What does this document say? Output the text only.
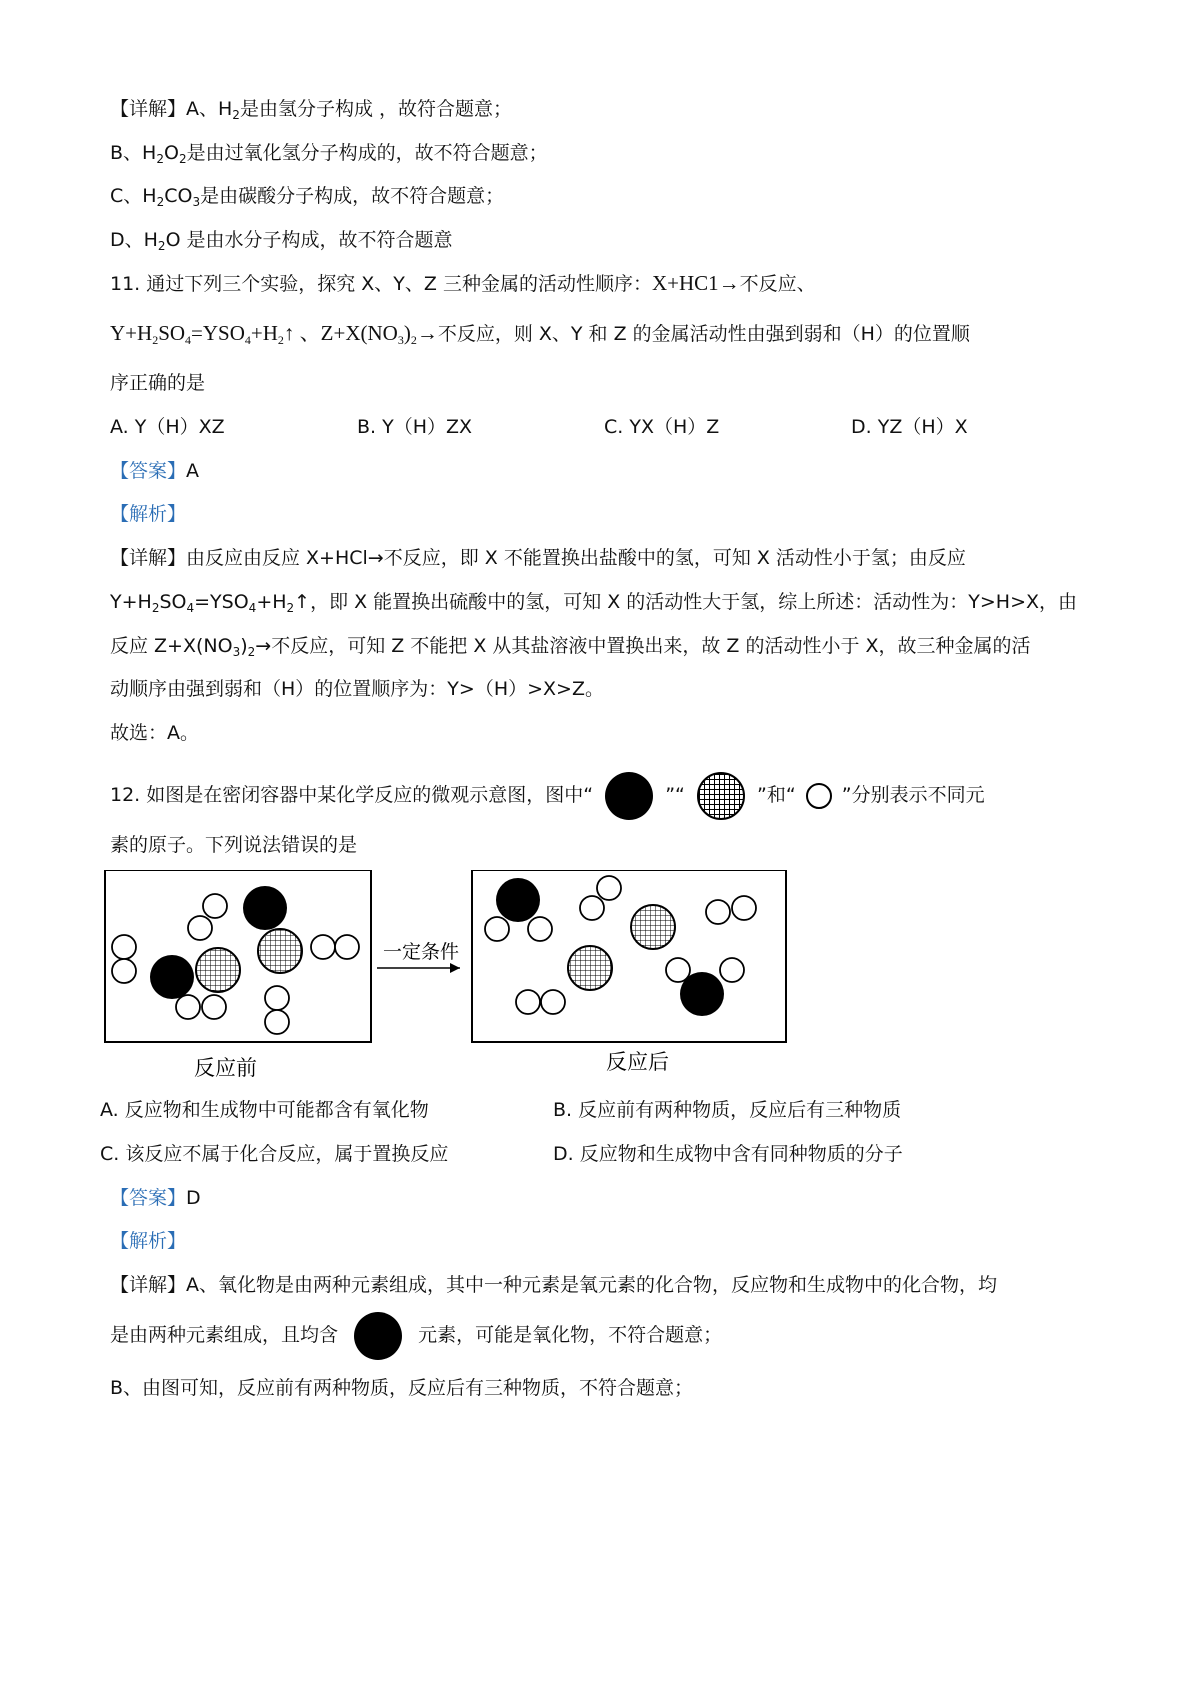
【详解】A、$H_2$是由氢分子构成 ，故符合题意；
B、$H_2O_2$是由过氧化氢分子构成的，故不符合题意；
C、$H_2CO_3$是由碳酸分子构成，故不符合题意；
D、$H_2O$ 是由水分子构成，故不符合题意
11. 通过下列三个实验，探究 X、Y、Z 三种金属的活动性顺序：X+HC1→不反应、
$Y+H_2SO_4=YSO_4+H_2↑$ 、$Z+X(NO_3)_2\to$不反应，则 X、Y 和 Z 的金属活动性由强到弱和（H）的位置顺
序正确的是
A. Y（H）XZ	B. Y（H）ZX	C. YX（H）Z	D. YZ（H）X
【答案】A
【解析】
【详解】由反应由反应 X+HCl→不反应，即 X 不能置换出盐酸中的氢，可知 X 活动性小于氢；由反应
$Y+H_2SO_4=YSO_4+H_2↑$，即 X 能置换出硫酸中的氢，可知 X 的活动性大于氢，综上所述：活动性为：Y>H>X，由
反应 $Z+X(NO_3)_2\to$不反应，可知 Z 不能把 X 从其盐溶液中置换出来，故 Z 的活动性小于 X，故三种金属的活
动顺序由强到弱和（H）的位置顺序为：Y>（H）>X>Z。
故选：A。
12. 如图是在密闭容器中某化学反应的微观示意图，图中“	”“	”和“ ”分别表示不同元
素的原子。下列说法错误的是
一定条件
反应前	反应后
A. 反应物和生成物中可能都含有氧化物	B. 反应前有两种物质，反应后有三种物质
C. 该反应不属于化合反应，属于置换反应	D. 反应物和生成物中含有同种物质的分子
【答案】D
【解析】
【详解】A、氧化物是由两种元素组成，其中一种元素是氧元素的化合物，反应物和生成物中的化合物，均
是由两种元素组成，且均含	元素，可能是氧化物，不符合题意；
B、由图可知，反应前有两种物质，反应后有三种物质，不符合题意；
